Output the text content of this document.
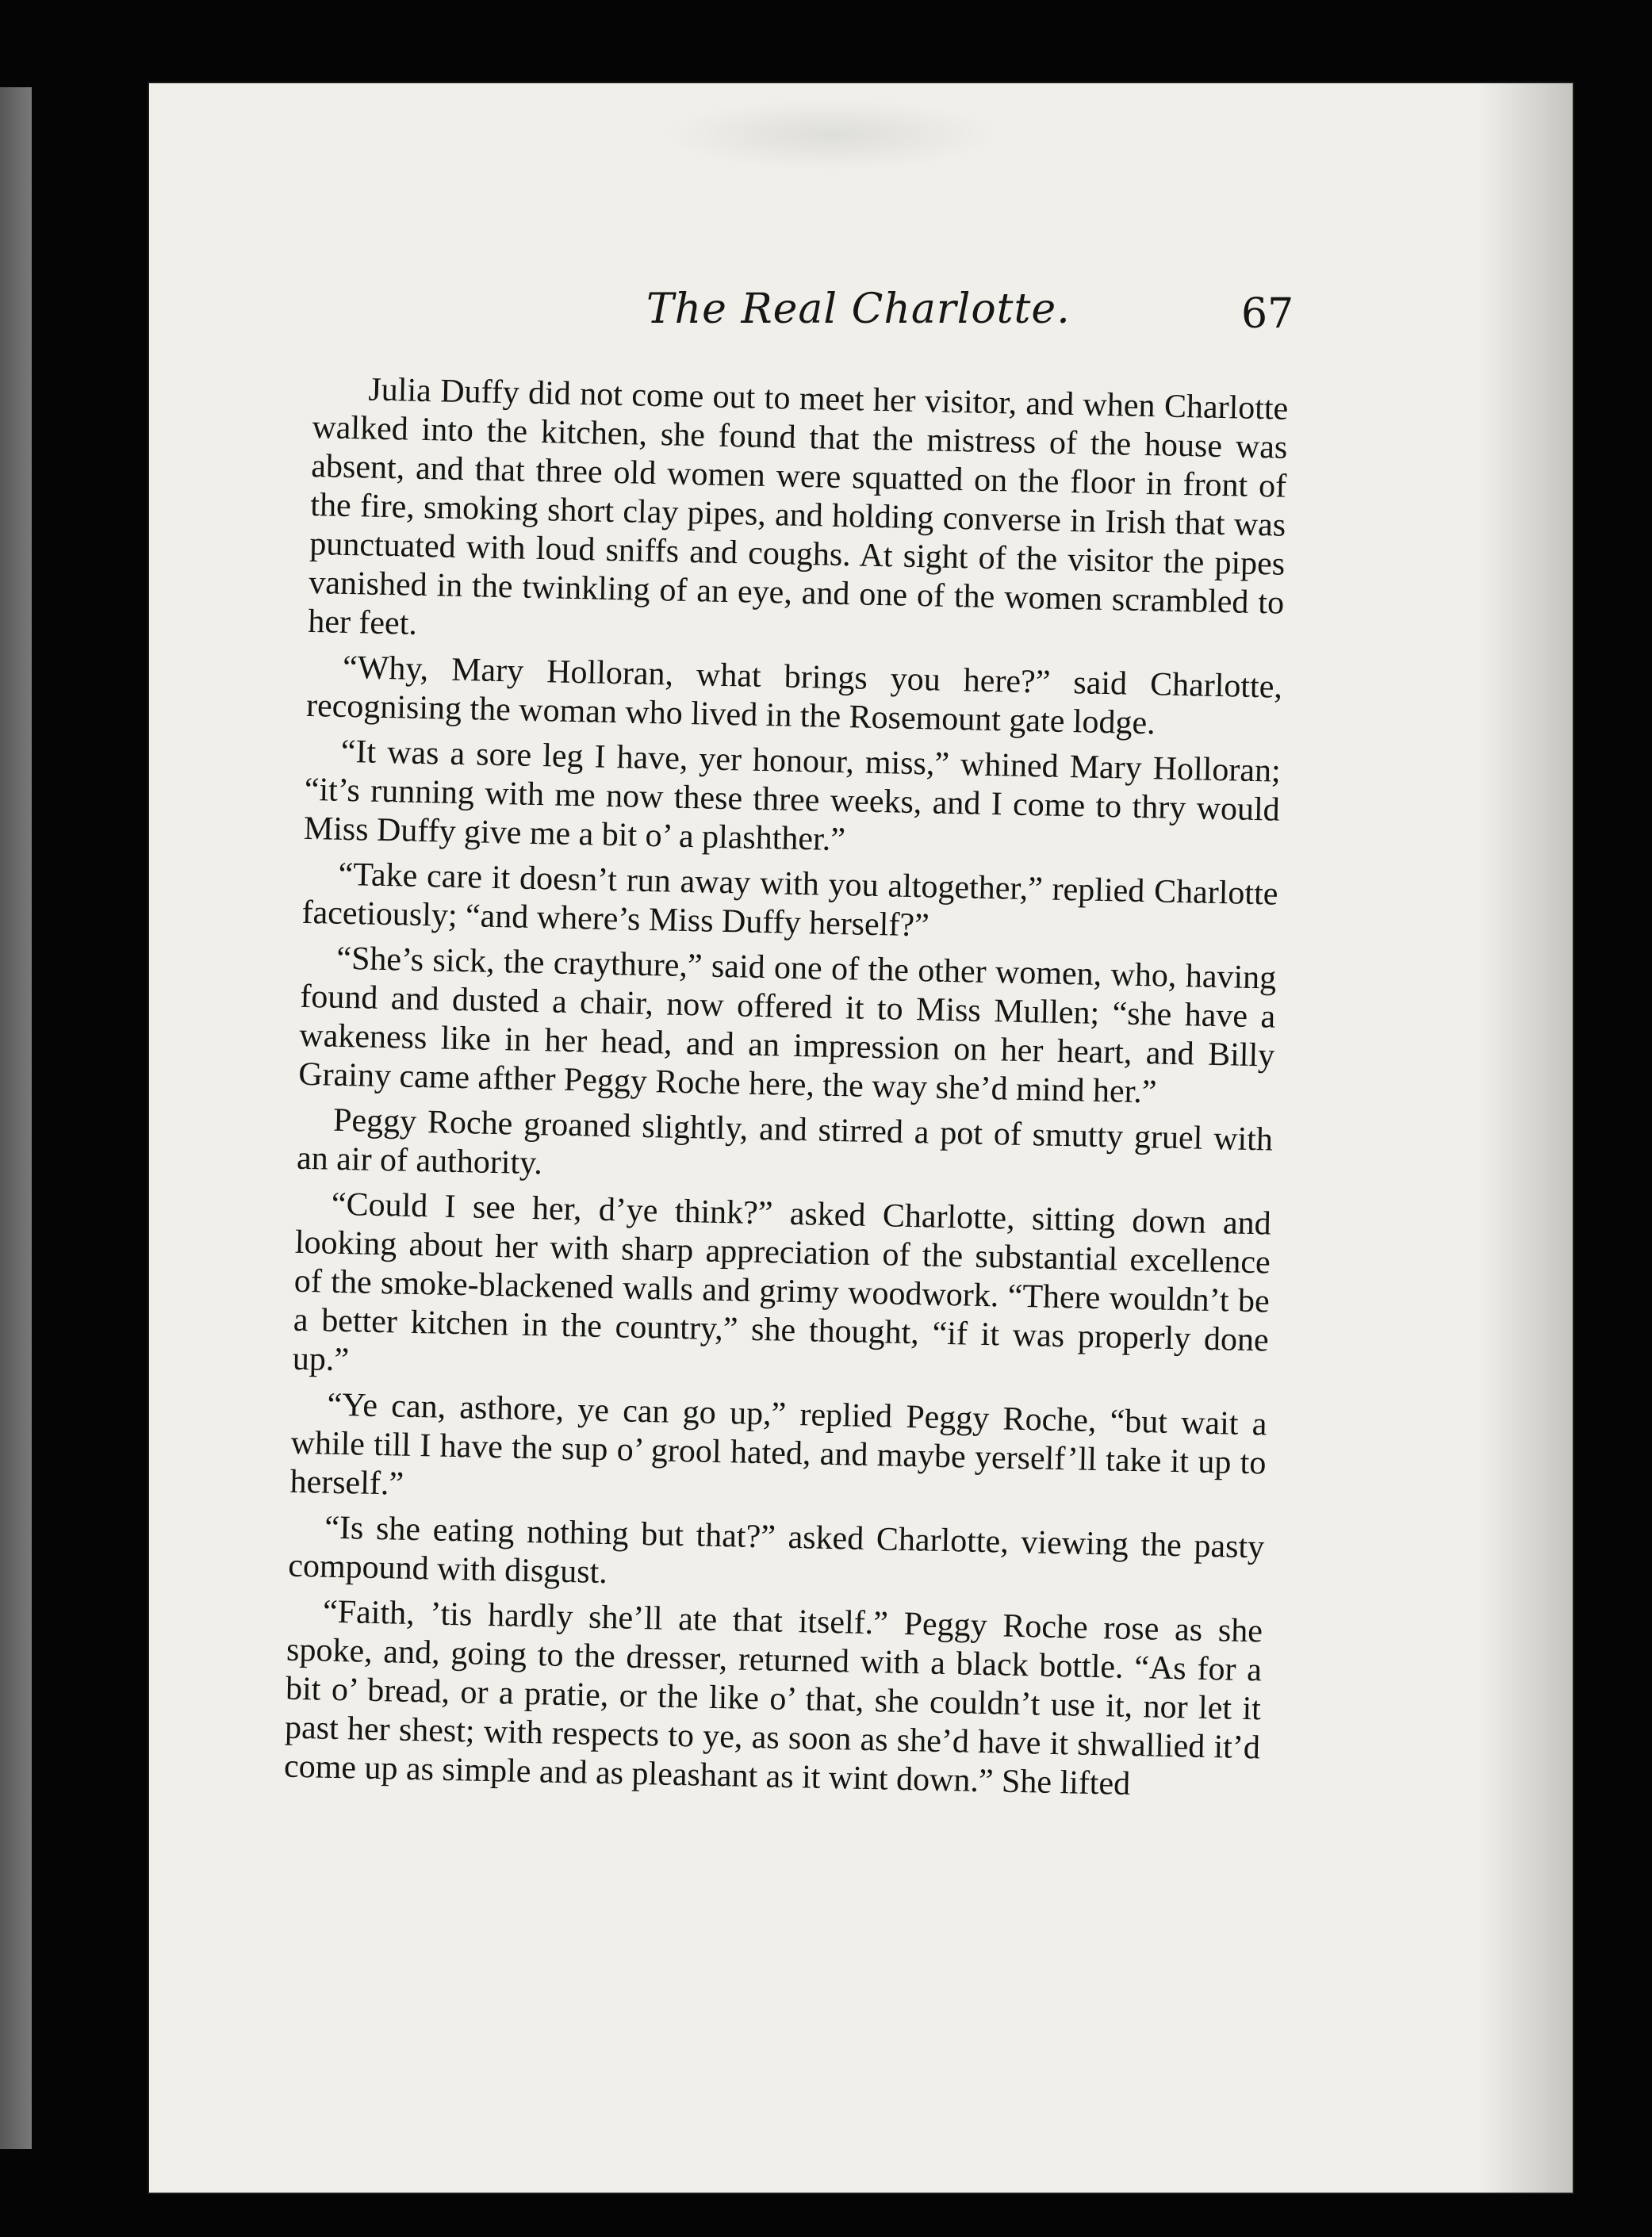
The Real Charlotte.	67

Julia Duffy did not come out to meet her visitor, and when Charlotte walked into the kitchen, she found that the mistress of the house was absent, and that three old women were squatted on the floor in front of the fire, smoking short clay pipes, and holding converse in Irish that was punctuated with loud sniffs and coughs. At sight of the visitor the pipes vanished in the twinkling of an eye, and one of the women scrambled to her feet.

“Why, Mary Holloran, what brings you here?” said Charlotte, recognising the woman who lived in the Rosemount gate lodge.

“It was a sore leg I have, yer honour, miss,” whined Mary Holloran; “it’s running with me now these three weeks, and I come to thry would Miss Duffy give me a bit o’ a plashther.”

“Take care it doesn’t run away with you altogether,” replied Charlotte facetiously; “and where’s Miss Duffy herself?”

“She’s sick, the craythure,” said one of the other women, who, having found and dusted a chair, now offered it to Miss Mullen; “she have a wakeness like in her head, and an impression on her heart, and Billy Grainy came afther Peggy Roche here, the way she’d mind her.”

Peggy Roche groaned slightly, and stirred a pot of smutty gruel with an air of authority.

“Could I see her, d’ye think?” asked Charlotte, sitting down and looking about her with sharp appreciation of the substantial excellence of the smoke-blackened walls and grimy woodwork. “There wouldn’t be a better kitchen in the country,” she thought, “if it was properly done up.”

“Ye can, asthore, ye can go up,” replied Peggy Roche, “but wait a while till I have the sup o’ grool hated, and maybe yerself’ll take it up to herself.”

“Is she eating nothing but that?” asked Charlotte, viewing the pasty compound with disgust.

“Faith, ’tis hardly she’ll ate that itself.” Peggy Roche rose as she spoke, and, going to the dresser, returned with a black bottle. “As for a bit o’ bread, or a pratie, or the like o’ that, she couldn’t use it, nor let it past her shest; with respects to ye, as soon as she’d have it shwallied it’d come up as simple and as pleashant as it wint down.” She lifted
